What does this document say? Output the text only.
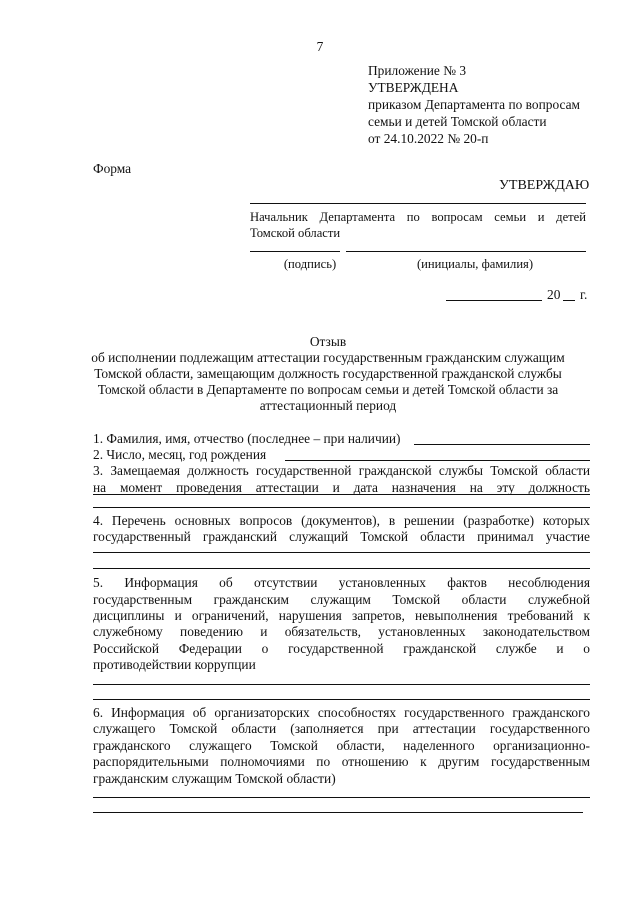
7
Приложение № 3
УТВЕРЖДЕНА
приказом Департамента по вопросам
семьи и детей Томской области
от 24.10.2022 № 20-п
Форма
УТВЕРЖДАЮ
Начальник Департамента по вопросам семьи и детей
Томской области
(подпись)	(инициалы, фамилия)
20 г.
Отзыв
об исполнении подлежащим аттестации государственным гражданским служащим
Томской области, замещающим должность государственной гражданской службы
Томской области в Департаменте по вопросам семьи и детей Томской области за
аттестационный период
1. Фамилия, имя, отчество (последнее – при наличии)
2. Число, месяц, год рождения
3. Замещаемая должность государственной гражданской службы Томской области
на момент проведения аттестации и дата назначения на эту должность
4. Перечень основных вопросов (документов), в решении (разработке) которых
государственный гражданский служащий Томской области принимал участие
5. Информация об отсутствии установленных фактов несоблюдения
государственным гражданским служащим Томской области служебной
дисциплины и ограничений, нарушения запретов, невыполнения требований к
служебному поведению и обязательств, установленных законодательством
Российской Федерации о государственной гражданской службе и о
противодействии коррупции
6. Информация об организаторских способностях государственного гражданского
служащего Томской области (заполняется при аттестации государственного
гражданского служащего Томской области, наделенного организационно-
распорядительными полномочиями по отношению к другим государственным
гражданским служащим Томской области)
